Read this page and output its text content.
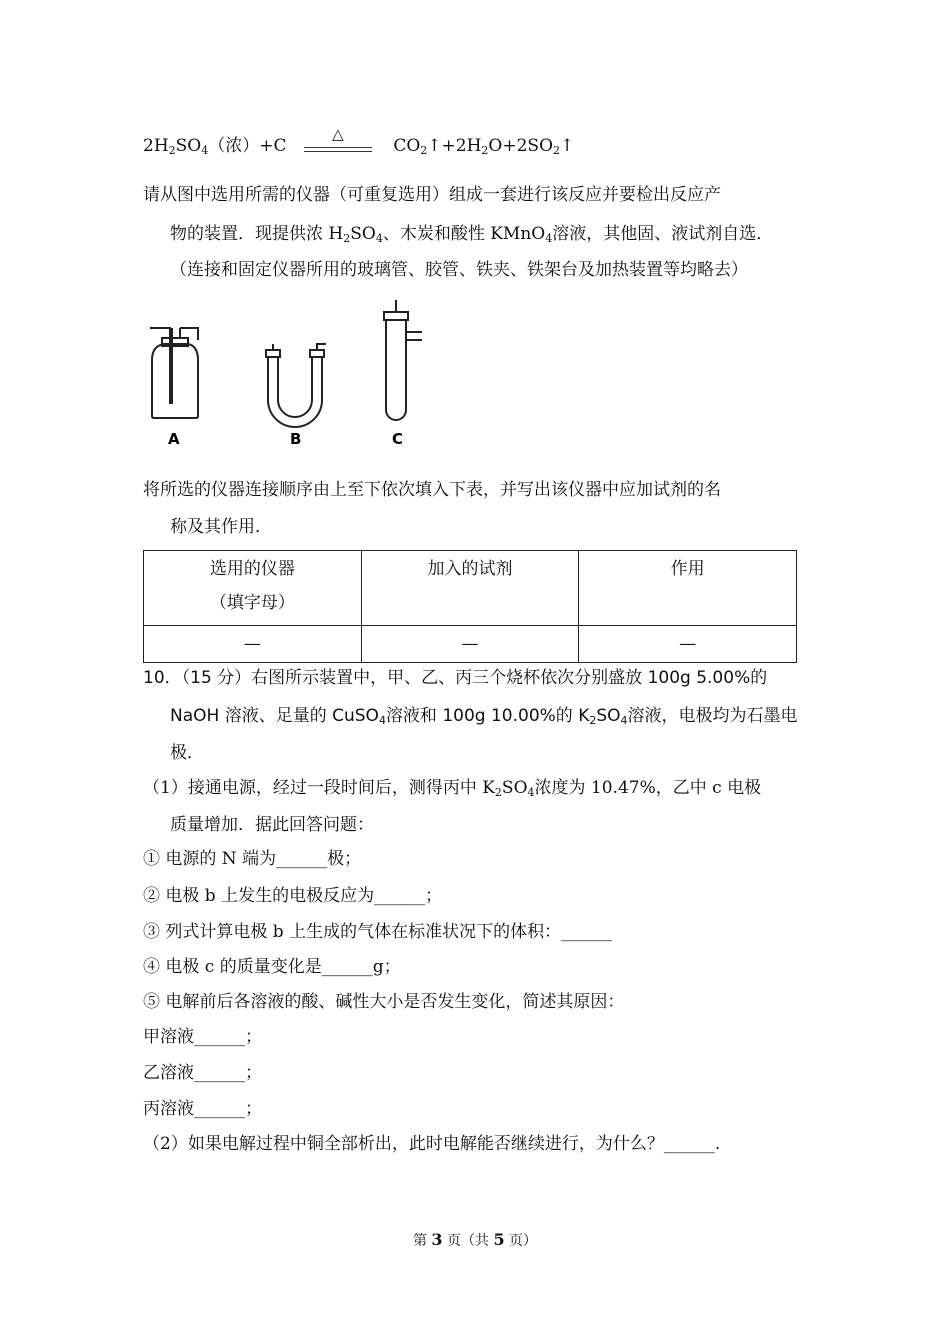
$2H_2SO_4$（浓）+C
△
$CO_2↑+2H_2O+2SO_2↑$
请从图中选用所需的仪器（可重复选用）组成一套进行该反应并要检出反应产
物的装置．现提供浓 $H_2SO_4$、木炭和酸性 KMnO$_4$溶液，其他固、液试剂自选．
（连接和固定仪器所用的玻璃管、胶管、铁夹、铁架台及加热装置等均略去）
A	B	C
将所选的仪器连接顺序由上至下依次填入下表，并写出该仪器中应加试剂的名
称及其作用．
选用的仪器
（填字母）	加入的试剂	作用

—	—	—
10．（15 分）右图所示装置中，甲、乙、丙三个烧杯依次分别盛放 100g 5.00%的
NaOH 溶液、足量的 CuSO$_4$溶液和 100g 10.00%的 $K_2SO_4$溶液，电极均为石墨电
极．
（1）接通电源，经过一段时间后，测得丙中 $K_2SO_4$浓度为 10.47%，乙中 c 电极
质量增加．据此回答问题：
① 电源的 N 端为______极；
② 电极 b 上发生的电极反应为______；
③ 列式计算电极 b 上生成的气体在标准状况下的体积：______
④ 电极 c 的质量变化是______g；
⑤ 电解前后各溶液的酸、碱性大小是否发生变化，简述其原因：
甲溶液______；
乙溶液______；
丙溶液______；
（2）如果电解过程中铜全部析出，此时电解能否继续进行，为什么？______.
第 3 页（共 5 页）
